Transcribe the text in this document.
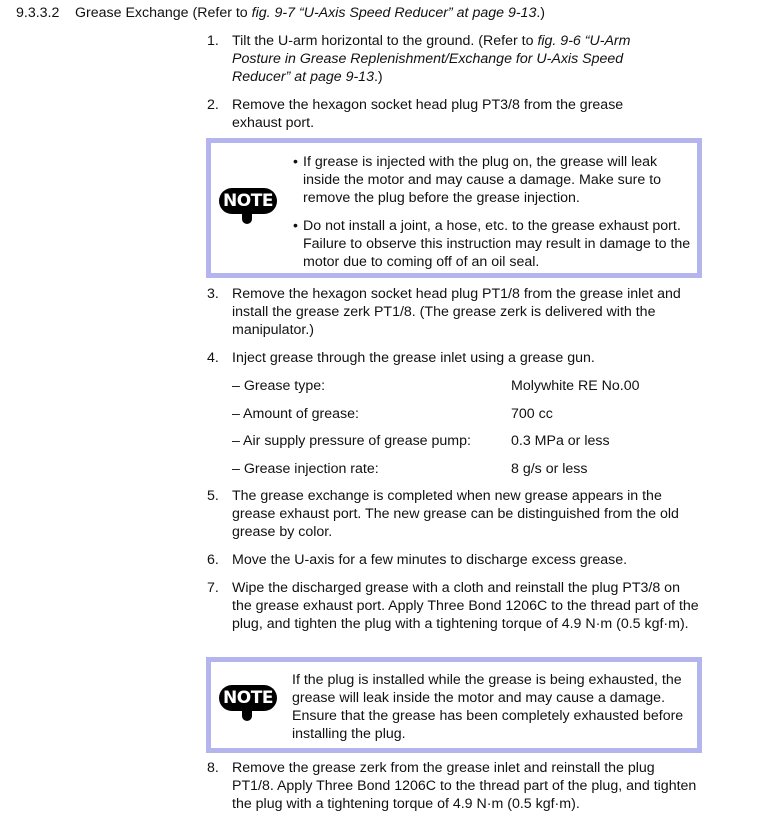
9.3.3.2 Grease Exchange (Refer to fig. 9-7 “U-Axis Speed Reducer” at page 9-13.)
1. Tilt the U-arm horizontal to the ground. (Refer to fig. 9-6 “U-Arm Posture in Grease Replenishment/Exchange for U-Axis Speed Reducer” at page 9-13.)
2. Remove the hexagon socket head plug PT3/8 from the grease exhaust port.
NOTE
• If grease is injected with the plug on, the grease will leak inside the motor and may cause a damage. Make sure to remove the plug before the grease injection.
• Do not install a joint, a hose, etc. to the grease exhaust port. Failure to observe this instruction may result in damage to the motor due to coming off of an oil seal.
3. Remove the hexagon socket head plug PT1/8 from the grease inlet and install the grease zerk PT1/8. (The grease zerk is delivered with the manipulator.)
4. Inject grease through the grease inlet using a grease gun.
– Grease type:	Molywhite RE No.00
– Amount of grease:	700 cc
– Air supply pressure of grease pump:	0.3 MPa or less
– Grease injection rate:	8 g/s or less
5. The grease exchange is completed when new grease appears in the grease exhaust port. The new grease can be distinguished from the old grease by color.
6. Move the U-axis for a few minutes to discharge excess grease.
7. Wipe the discharged grease with a cloth and reinstall the plug PT3/8 on the grease exhaust port. Apply Three Bond 1206C to the thread part of the plug, and tighten the plug with a tightening torque of 4.9 N·m (0.5 kgf·m).
NOTE
If the plug is installed while the grease is being exhausted, the grease will leak inside the motor and may cause a damage. Ensure that the grease has been completely exhausted before installing the plug.
8. Remove the grease zerk from the grease inlet and reinstall the plug PT1/8. Apply Three Bond 1206C to the thread part of the plug, and tighten the plug with a tightening torque of 4.9 N·m (0.5 kgf·m).
